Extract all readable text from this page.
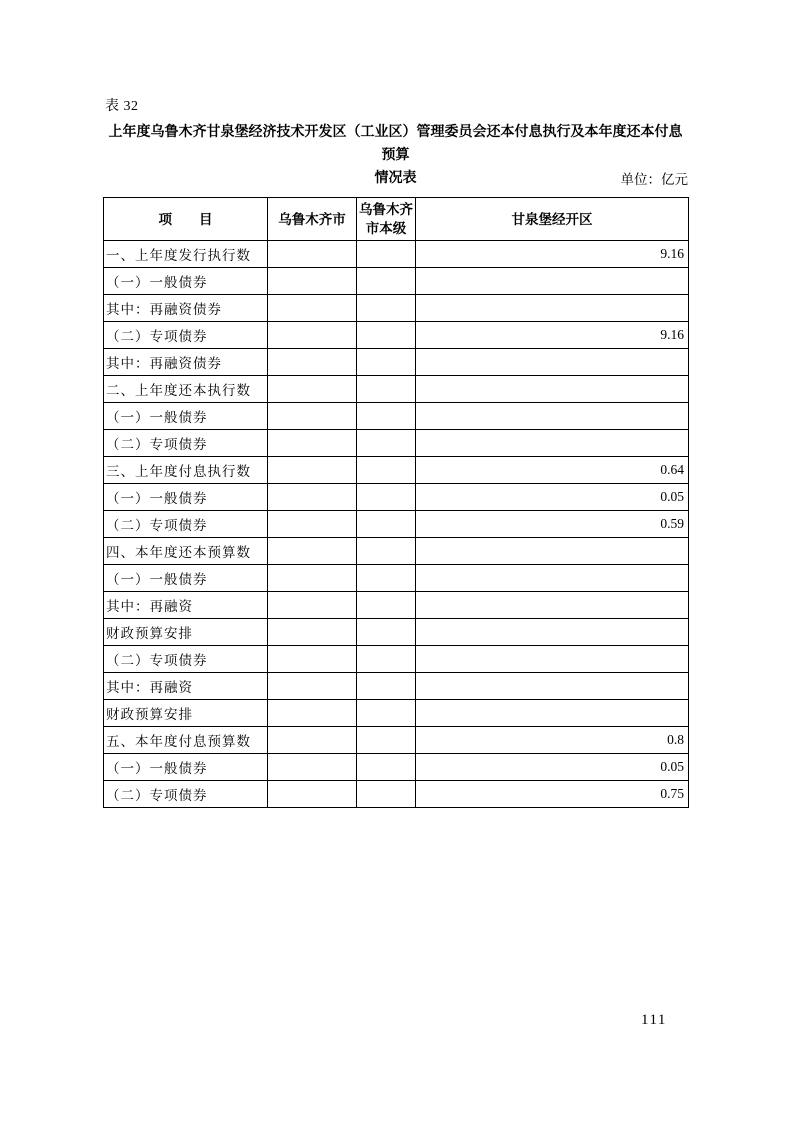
表 32
上年度乌鲁木齐甘泉堡经济技术开发区（工业区）管理委员会还本付息执行及本年度还本付息预算
情况表	单位：亿元
项　　目	乌鲁木齐市	乌鲁木齐市本级	甘泉堡经开区
一、上年度发行执行数			9.16
（一）一般债券			
其中：再融资债券			
（二）专项债券			9.16
其中：再融资债券			
二、上年度还本执行数			
（一）一般债券			
（二）专项债券			
三、上年度付息执行数			0.64
（一）一般债券			0.05
（二）专项债券			0.59
四、本年度还本预算数			
（一）一般债券			
其中：再融资			
财政预算安排			
（二）专项债券			
其中：再融资			
财政预算安排			
五、本年度付息预算数			0.8
（一）一般债券			0.05
（二）专项债券			0.75
111
